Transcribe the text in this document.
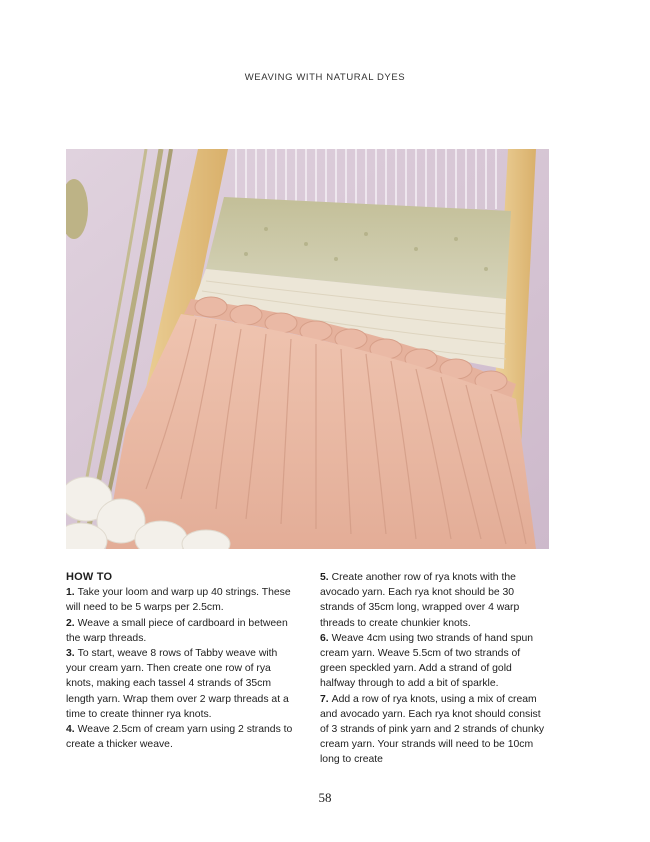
WEAVING WITH NATURAL DYES

HOW TO

1. Take your loom and warp up 40 strings. These will need to be 5 warps per 2.5cm.

2. Weave a small piece of cardboard in between the warp threads.

3. To start, weave 8 rows of Tabby weave with your cream yarn. Then create one row of rya knots, making each tassel 4 strands of 35cm length yarn. Wrap them over 2 warp threads at a time to create thinner rya knots.

4. Weave 2.5cm of cream yarn using 2 strands to create a thicker weave.

5. Create another row of rya knots with the avocado yarn. Each rya knot should be 30 strands of 35cm long, wrapped over 4 warp threads to create chunkier knots.

6. Weave 4cm using two strands of hand spun cream yarn. Weave 5.5cm of two strands of green speckled yarn. Add a strand of gold halfway through to add a bit of sparkle.

7. Add a row of rya knots, using a mix of cream and avocado yarn. Each rya knot should consist of 3 strands of pink yarn and 2 strands of chunky cream yarn. Your strands will need to be 10cm long to create

58
